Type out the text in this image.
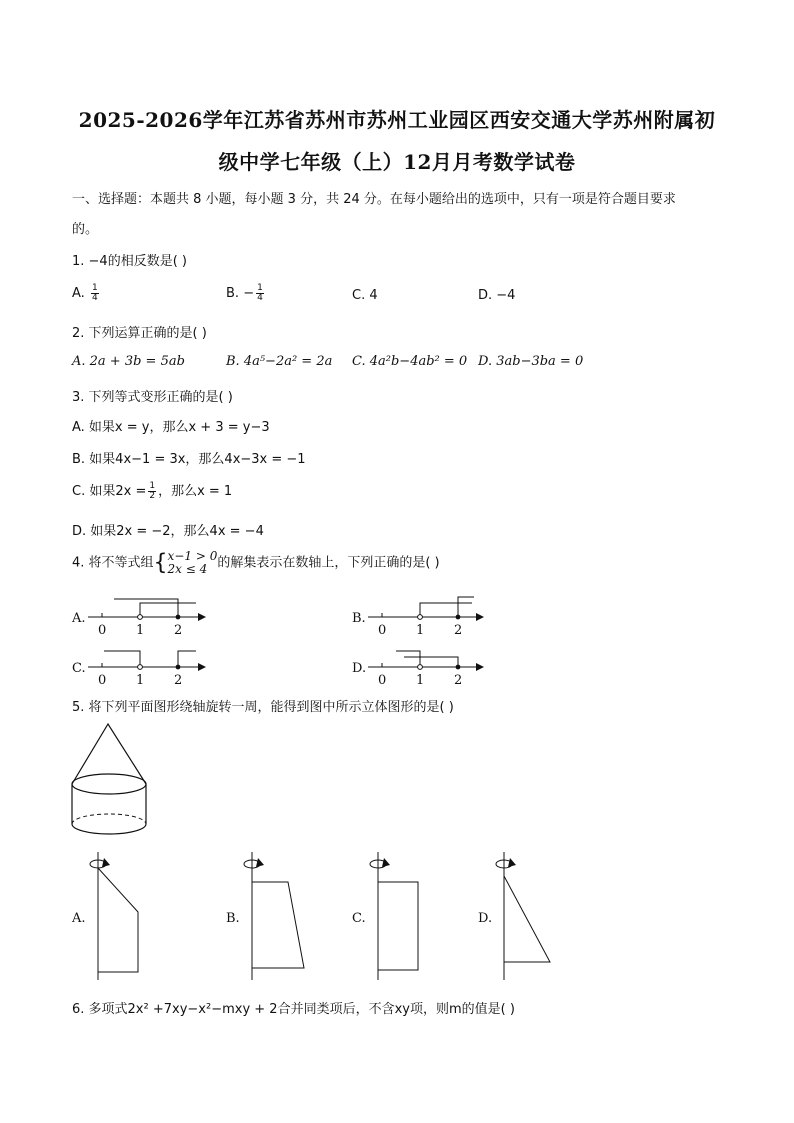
2025-2026学年江苏省苏州市苏州工业园区西安交通大学苏州附属初
级中学七年级（上）12月月考数学试卷
一、选择题：本题共 8 小题，每小题 3 分，共 24 分。在每小题给出的选项中，只有一项是符合题目要求
的。
1. −4的相反数是( )
A. $\frac{1}{4}$	B. − $\frac{1}{4}$	C. 4	D. −4
2. 下列运算正确的是( )
A. 2a + 3b = 5ab	B. 4a⁵−2a² = 2a C. 4a²b−4ab² = 0 D. 3ab−3ba = 0
3. 下列等式变形正确的是( )
A. 如果x = y，那么x + 3 = y−3
B. 如果4x−1 = 3x，那么4x−3x = −1
C. 如果$2x = \frac{1}{2}$ ，那么x = 1
D. 如果2x = −2，那么4x = −4
4. 将不等式组{ x−1 > 0
2x ≤ 4 的解集表示在数轴上，下列正确的是( )
A.
0 1 2
B.
0 1 2
C.
0 1 2
D.
0 1 2
5. 将下列平面图形绕轴旋转一周，能得到图中所示立体图形的是( )
A.	B.	C.	D.
6. 多项式2x² +7xy−x²−mxy + 2合并同类项后，不含xy项，则m的值是( )
